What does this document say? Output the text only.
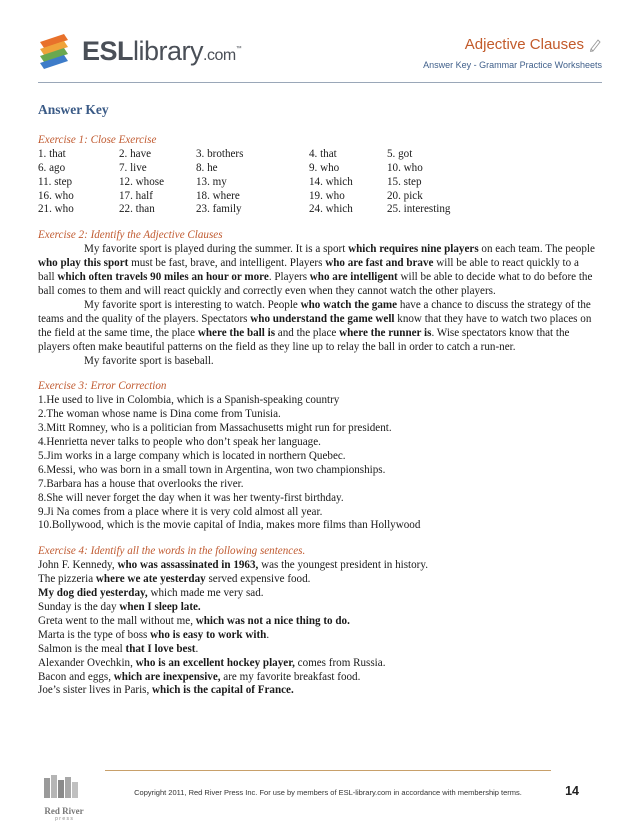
ESLlibrary.com™	Adjective Clauses
Answer Key - Grammar Practice Worksheets
Answer Key
Exercise 1: Close Exercise
1. that	2. have	3. brothers	4. that	5. got
6. ago	7. live	8. he	9. who	10. who
11. step	12. whose	13. my	14. which	15. step
16. who	17. half	18. where	19. who	20. pick
21. who	22. than	23. family	24. which	25. interesting
Exercise 2: Identify the Adjective Clauses
My favorite sport is played during the summer. It is a sport which requires nine players on each team. The people who play this sport must be fast, brave, and intelligent. Players who are fast and brave will be able to react quickly to a ball which often travels 90 miles an hour or more. Players who are intelligent will be able to decide what to do before the ball comes to them and will react quickly and correctly even when they cannot watch the other players.
My favorite sport is interesting to watch. People who watch the game have a chance to discuss the strategy of the teams and the quality of the players. Spectators who understand the game well know that they have to watch two places on the field at the same time, the place where the ball is and the place where the runner is. Wise spectators know that the players often make beautiful patterns on the field as they line up to relay the ball in order to catch a run-ner.
My favorite sport is baseball.
Exercise 3: Error Correction
1.He used to live in Colombia, which is a Spanish-speaking country
2.The woman whose name is Dina come from Tunisia.
3.Mitt Romney, who is a politician from Massachusetts might run for president.
4.Henrietta never talks to people who don’t speak her language.
5.Jim works in a large company which is located in northern Quebec.
6.Messi, who was born in a small town in Argentina, won two championships.
7.Barbara has a house that overlooks the river.
8.She will never forget the day when it was her twenty-first birthday.
9.Ji Na comes from a place where it is very cold almost all year.
10.Bollywood, which is the movie capital of India, makes more films than Hollywood
Exercise 4: Identify all the words in the following sentences.
John F. Kennedy, who was assassinated in 1963, was the youngest president in history.
The pizzeria where we ate yesterday served expensive food.
My dog died yesterday, which made me very sad.
Sunday is the day when I sleep late.
Greta went to the mall without me, which was not a nice thing to do.
Marta is the type of boss who is easy to work with.
Salmon is the meal that I love best.
Alexander Ovechkin, who is an excellent hockey player, comes from Russia.
Bacon and eggs, which are inexpensive, are my favorite breakfast food.
Joe’s sister lives in Paris, which is the capital of France.
Red River
p r e s s
Copyright 2011, Red River Press Inc. For use by members of ESL-library.com in accordance with membership terms.	14
